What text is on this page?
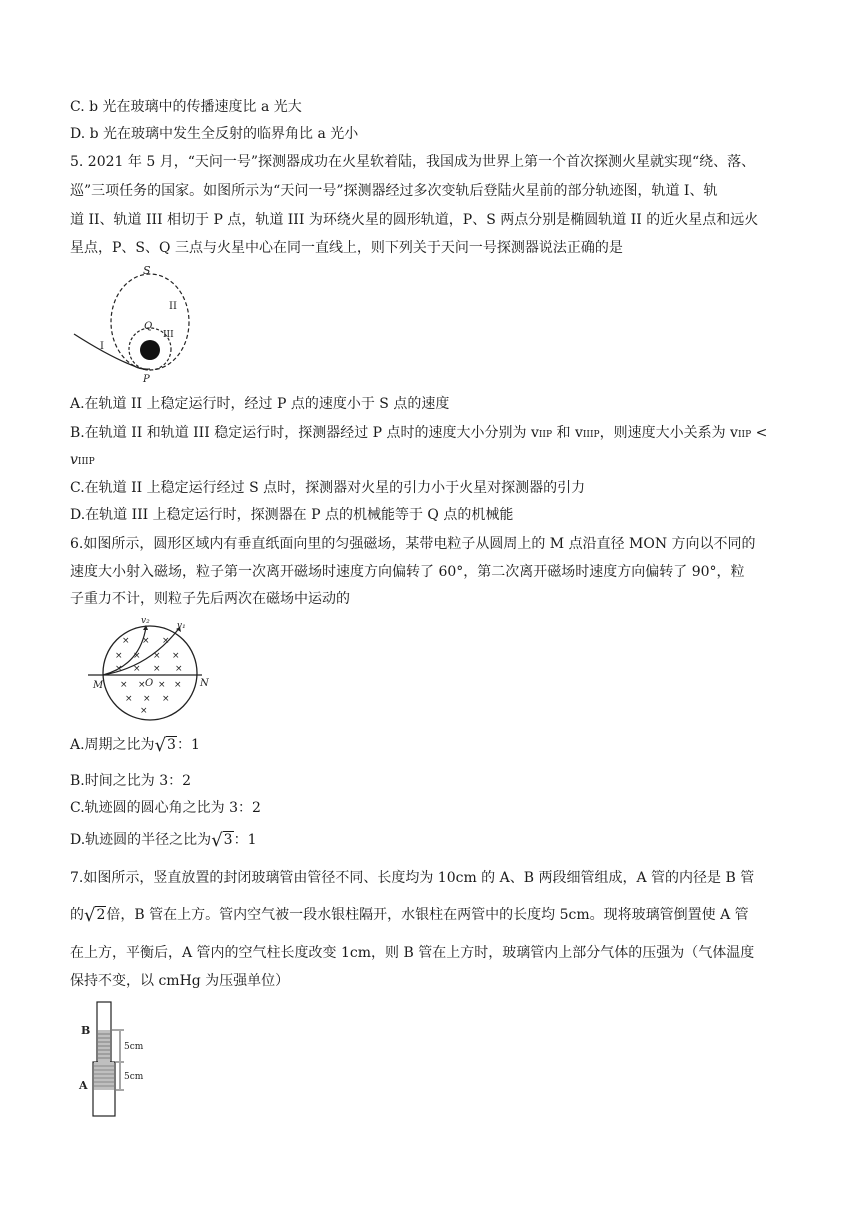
C. b 光在玻璃中的传播速度比 a 光大
D. b 光在玻璃中发生全反射的临界角比 a 光小
5. 2021 年 5 月，“天问一号”探测器成功在火星软着陆，我国成为世界上第一个首次探测火星就实现“绕、落、
巡”三项任务的国家。如图所示为“天问一号”探测器经过多次变轨后登陆火星前的部分轨迹图，轨道 I、轨
道 II、轨道 III 相切于 P 点，轨道 III 为环绕火星的圆形轨道，P、S 两点分别是椭圆轨道 II 的近火星点和远火
星点，P、S、Q 三点与火星中心在同一直线上，则下列关于天问一号探测器说法正确的是
S
Q
P
I
II
III
A.在轨道 II 上稳定运行时，经过 P 点的速度小于 S 点的速度
B.在轨道 II 和轨道 III 稳定运行时，探测器经过 P 点时的速度大小分别为 vIIP 和 vIIIP，则速度大小关系为 vIIP <
vIIIP
C.在轨道 II 上稳定运行经过 S 点时，探测器对火星的引力小于火星对探测器的引力
D.在轨道 III 上稳定运行时，探测器在 P 点的机械能等于 Q 点的机械能
6.如图所示，圆形区域内有垂直纸面向里的匀强磁场，某带电粒子从圆周上的 M 点沿直径 MON 方向以不同的
速度大小射入磁场，粒子第一次离开磁场时速度方向偏转了 60°，第二次离开磁场时速度方向偏转了 90°，粒
子重力不计，则粒子先后两次在磁场中运动的
× × ×
× × × ×
× × × ×
× × × ×
× × ×
×
v₁
v₂
M	O	N
A.周期之比为√3：1
B.时间之比为 3：2
C.轨迹圆的圆心角之比为 3：2
D.轨迹圆的半径之比为√3：1
7.如图所示，竖直放置的封闭玻璃管由管径不同、长度均为 10cm 的 A、B 两段细管组成，A 管的内径是 B 管
的√2倍，B 管在上方。管内空气被一段水银柱隔开，水银柱在两管中的长度均 5cm。现将玻璃管倒置使 A 管
在上方，平衡后，A 管内的空气柱长度改变 1cm，则 B 管在上方时，玻璃管内上部分气体的压强为（气体温度
保持不变，以 cmHg 为压强单位）
5cm
5cm
B
A
